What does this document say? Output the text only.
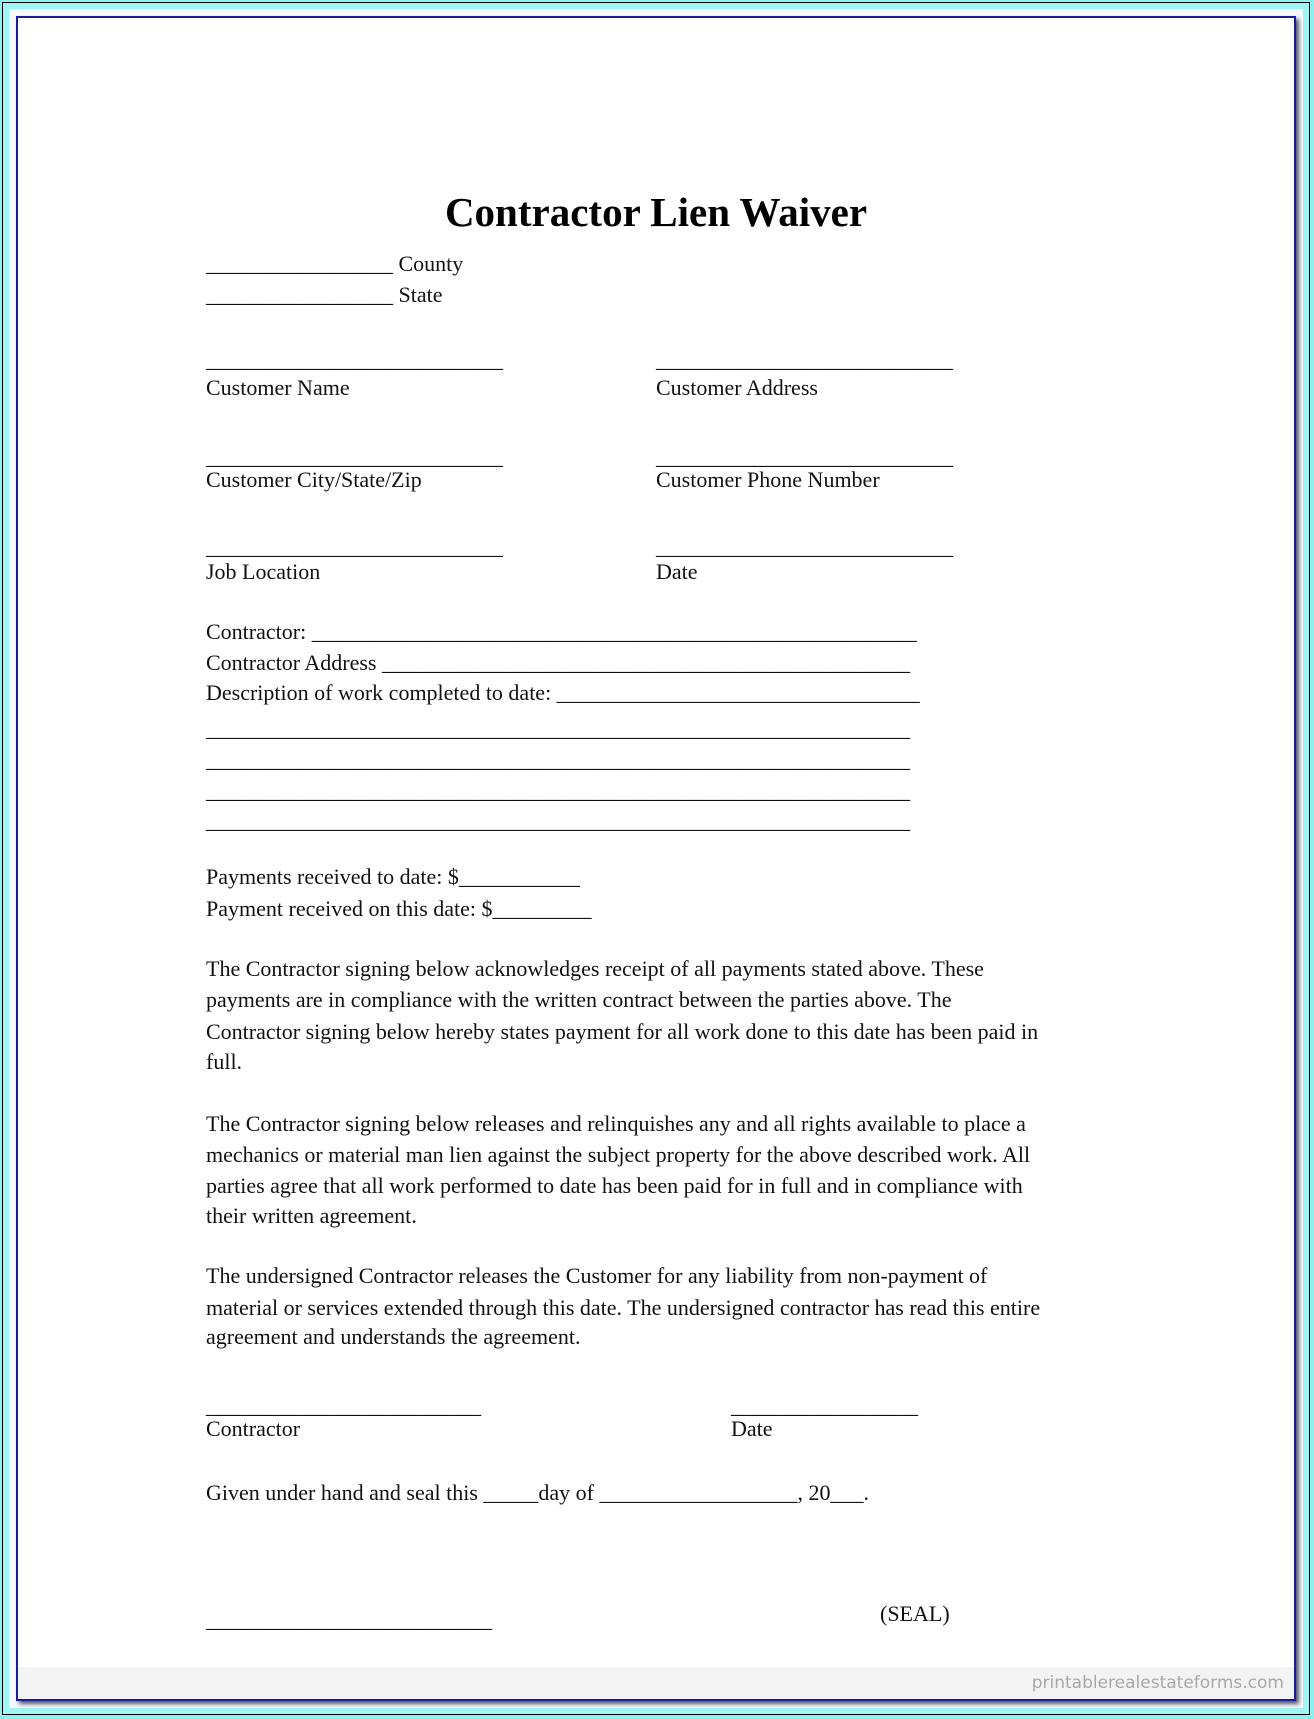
Contractor Lien Waiver
printablerealestateforms.com
_________________ County
_________________ State
___________________________	___________________________
Customer Name	Customer Address
___________________________	___________________________
Customer City/State/Zip	Customer Phone Number
___________________________	___________________________
Job Location	Date
Contractor: _______________________________________________________
Contractor Address ________________________________________________
Description of work completed to date: _________________________________
________________________________________________________________
________________________________________________________________
________________________________________________________________
________________________________________________________________
Payments received to date: $___________
Payment received on this date: $_________
The Contractor signing below acknowledges receipt of all payments stated above. These
payments are in compliance with the written contract between the parties above. The
Contractor signing below hereby states payment for all work done to this date has been paid in
full.
The Contractor signing below releases and relinquishes any and all rights available to place a
mechanics or material man lien against the subject property for the above described work. All
parties agree that all work performed to date has been paid for in full and in compliance with
their written agreement.
The undersigned Contractor releases the Customer for any liability from non-payment of
material or services extended through this date. The undersigned contractor has read this entire
agreement and understands the agreement.
_________________________	_________________
Contractor	Date
Given under hand and seal this _____day of __________________, 20___.
__________________________	(SEAL)
